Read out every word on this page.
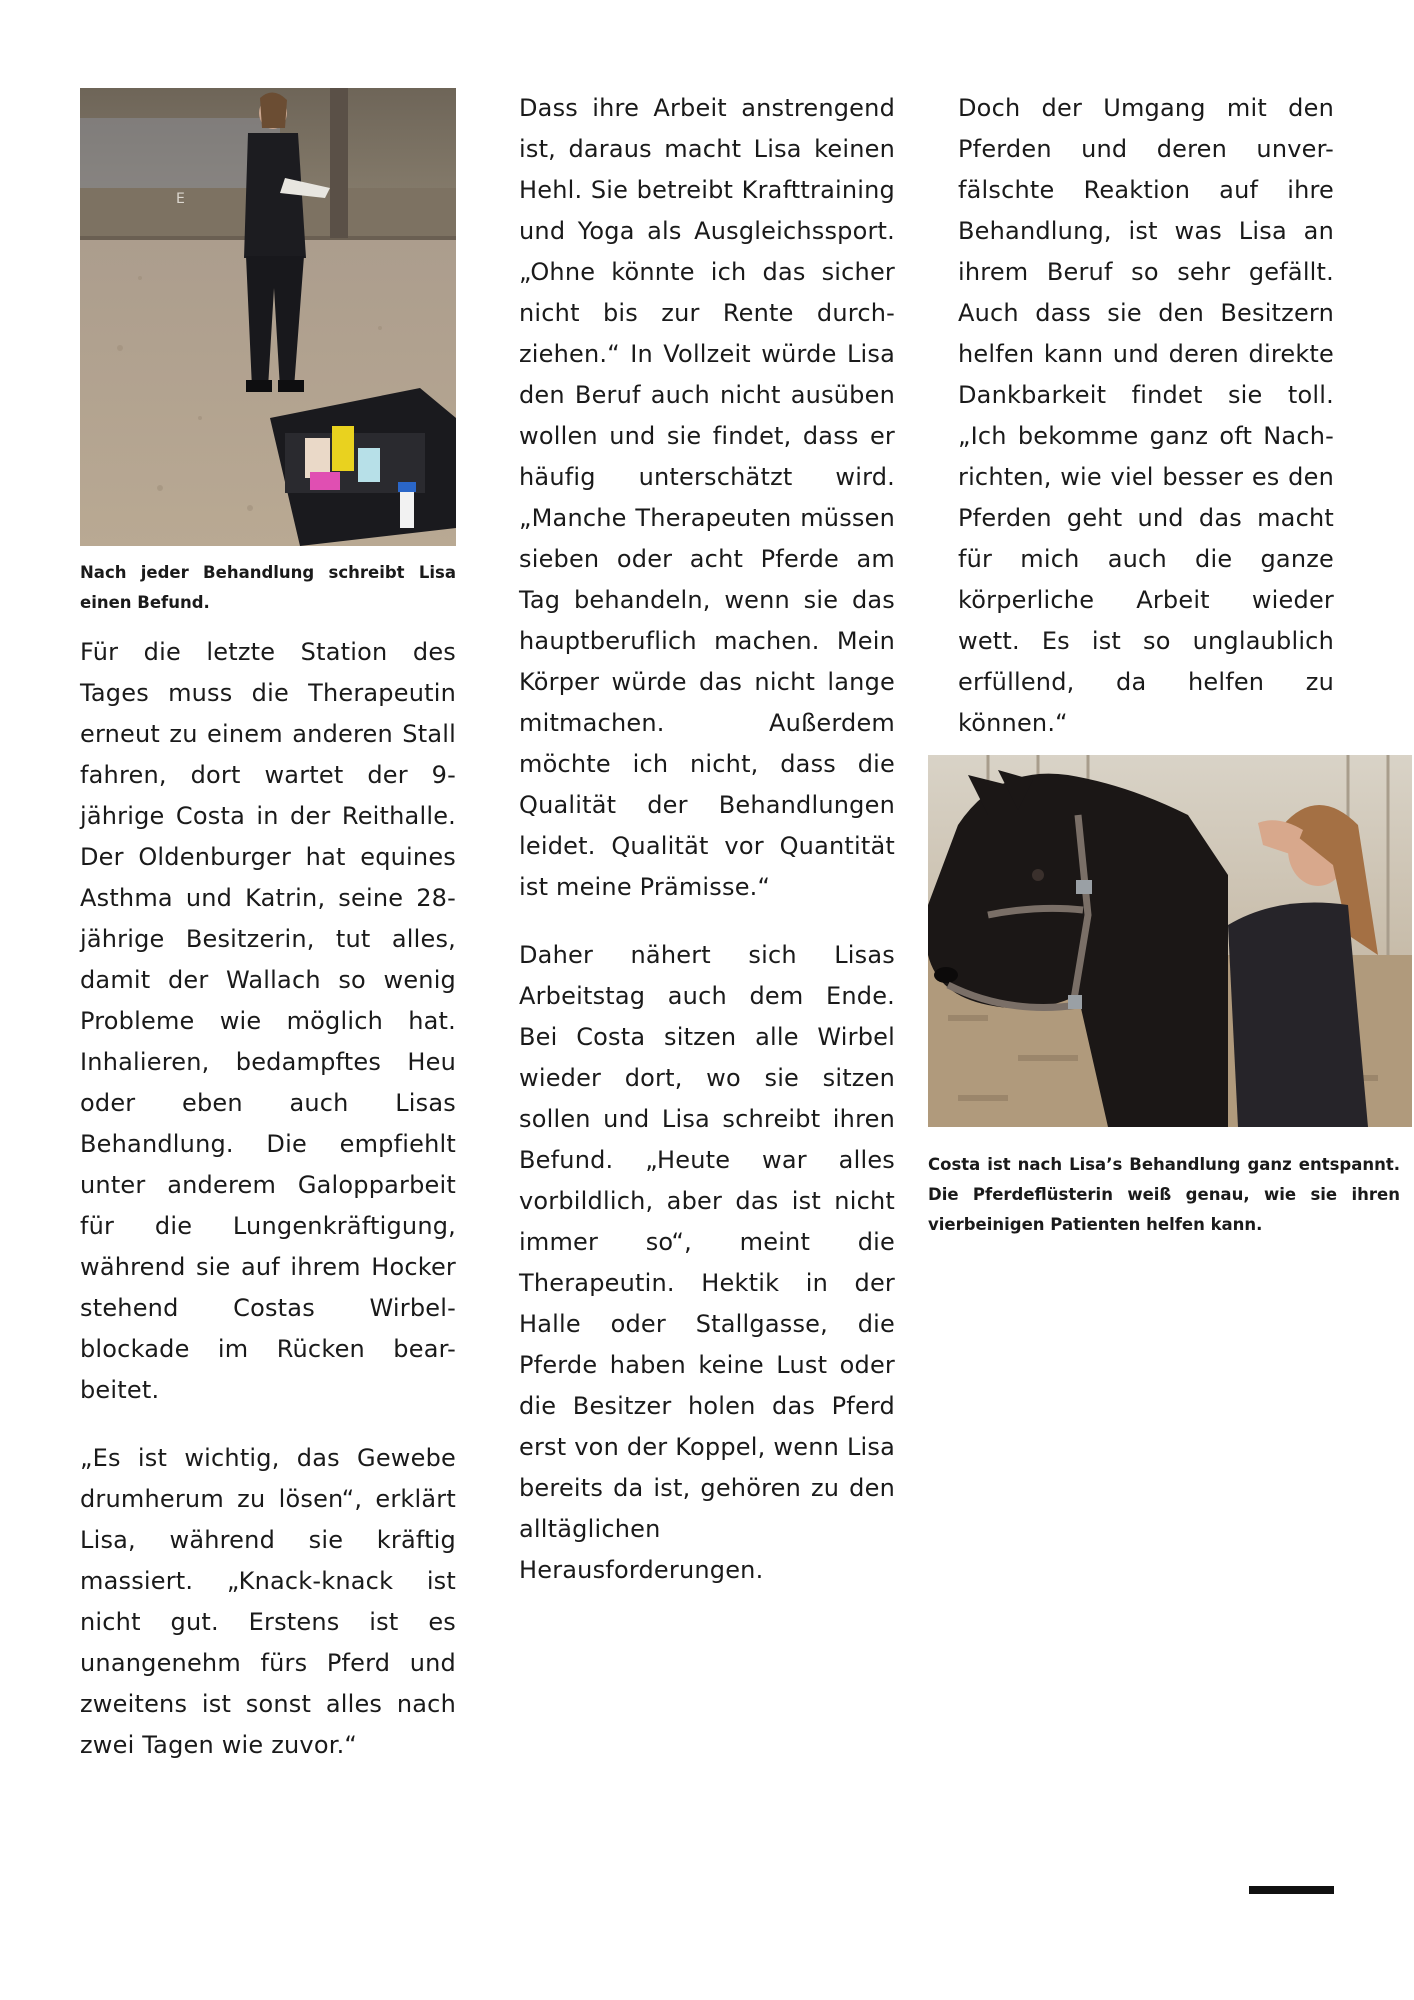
E

Nach jeder Behandlung schreibt Lisa einen Befund.

Für die letzte Station des Tages muss die Therapeutin erneut zu einem anderen Stall fahren, dort wartet der 9-jährige Costa in der Reithalle. Der Oldenburger hat equines Asthma und Katrin, seine 28-jährige Besitzerin, tut alles, damit der Wallach so wenig Probleme wie möglich hat. Inhalieren, bedampftes Heu oder eben auch Lisas Behandlung. Die empfiehlt unter anderem Galopparbeit für die Lungenkräftigung, während sie auf ihrem Hocker stehend Costas Wirbel-blockade im Rücken bear-beitet.

„Es ist wichtig, das Gewebe drumherum zu lösen“, erklärt Lisa, während sie kräftig massiert. „Knack-knack ist nicht gut. Erstens ist es unangenehm fürs Pferd und zweitens ist sonst alles nach zwei Tagen wie zuvor.“

Dass ihre Arbeit anstrengend ist, daraus macht Lisa keinen Hehl. Sie betreibt Krafttraining und Yoga als Ausgleichssport. „Ohne könnte ich das sicher nicht bis zur Rente durch-ziehen.“ In Vollzeit würde Lisa den Beruf auch nicht ausüben wollen und sie findet, dass er häufig unterschätzt wird. „Manche Therapeuten müssen sieben oder acht Pferde am Tag behandeln, wenn sie das hauptberuflich machen. Mein Körper würde das nicht lange mitmachen. Außerdem möchte ich nicht, dass die Qualität der Behandlungen leidet. Qualität vor Quantität ist meine Prämisse.“

Daher nähert sich Lisas Arbeitstag auch dem Ende. Bei Costa sitzen alle Wirbel wieder dort, wo sie sitzen sollen und Lisa schreibt ihren Befund. „Heute war alles vorbildlich, aber das ist nicht immer so“, meint die Therapeutin. Hektik in der Halle oder Stallgasse, die Pferde haben keine Lust oder die Besitzer holen das Pferd erst von der Koppel, wenn Lisa bereits da ist, gehören zu den alltäglichen Herausforderungen.

Doch der Umgang mit den Pferden und deren unver-fälschte Reaktion auf ihre Behandlung, ist was Lisa an ihrem Beruf so sehr gefällt. Auch dass sie den Besitzern helfen kann und deren direkte Dankbarkeit findet sie toll. „Ich bekomme ganz oft Nach-richten, wie viel besser es den Pferden geht und das macht für mich auch die ganze körperliche Arbeit wieder wett. Es ist so unglaublich erfüllend, da helfen zu können.“

Costa ist nach Lisa’s Behandlung ganz entspannt. Die Pferdeflüsterin weiß genau, wie sie ihren vierbeinigen Patienten helfen kann.
